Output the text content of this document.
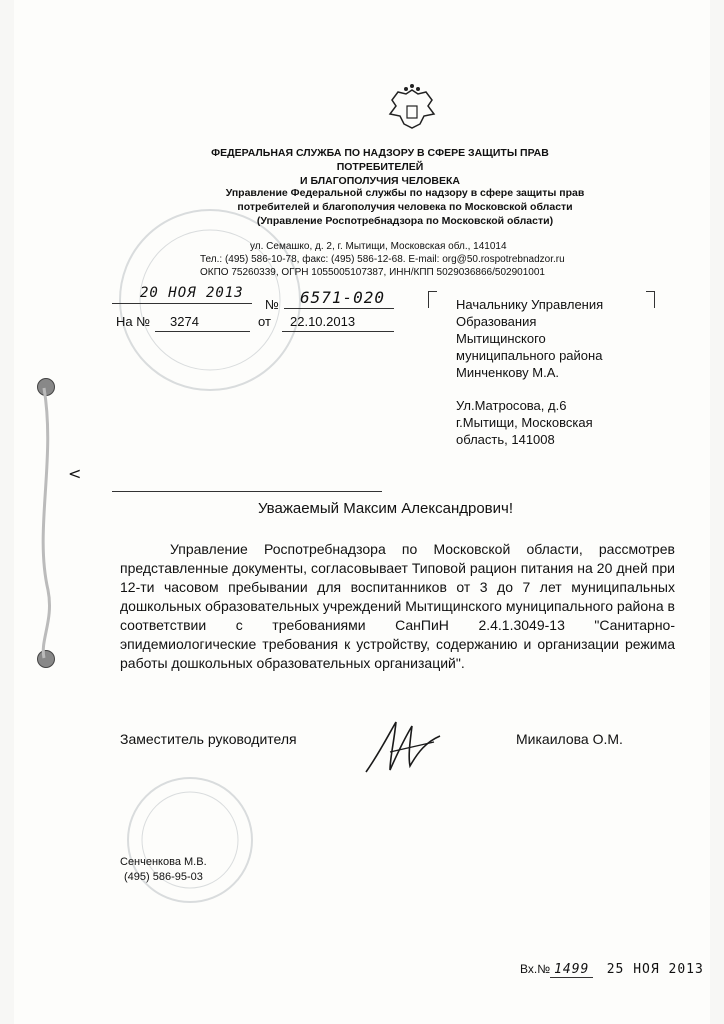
ФЕДЕРАЛЬНАЯ СЛУЖБА ПО НАДЗОРУ В СФЕРЕ ЗАЩИТЫ ПРАВ ПОТРЕБИТЕЛЕЙ
И БЛАГОПОЛУЧИЯ ЧЕЛОВЕКА
Управление Федеральной службы по надзору в сфере защиты прав
потребителей и благополучия человека по Московской области
(Управление Роспотребнадзора по Московской области)
ул. Семашко, д. 2, г. Мытищи, Московская обл., 141014
Тел.: (495) 586-10-78, факс: (495) 586-12-68. E-mail: org@50.rospotrebnadzor.ru
ОКПО 75260339, ОГРН 1055005107387, ИНН/КПП 5029036866/502901001
20 НОЯ 2013
№ 6571-020
На № 3274	от 22.10.2013
Начальнику Управления
Образования
Мытищинского
муниципального района
Минченкову М.А.
Ул.Матросова, д.6
г.Мытищи, Московская
область, 141008
<
Уважаемый Максим Александрович!
Управление Роспотребнадзора по Московской области, рассмотрев представленные документы, согласовывает Типовой рацион питания на 20 дней при 12-ти часовом пребывании для воспитанников от 3 до 7 лет муниципальных дошкольных образовательных учреждений Мытищинского муниципального района в соответствии с требованиями СанПиН 2.4.1.3049-13 "Санитарно-эпидемиологические требования к устройству, содержанию и организации режима работы дошкольных образовательных организаций".
Заместитель руководителя	Микаилова О.М.
Сенченкова М.В.
(495) 586-95-03
Вх.№ 1499 25 НОЯ 2013
